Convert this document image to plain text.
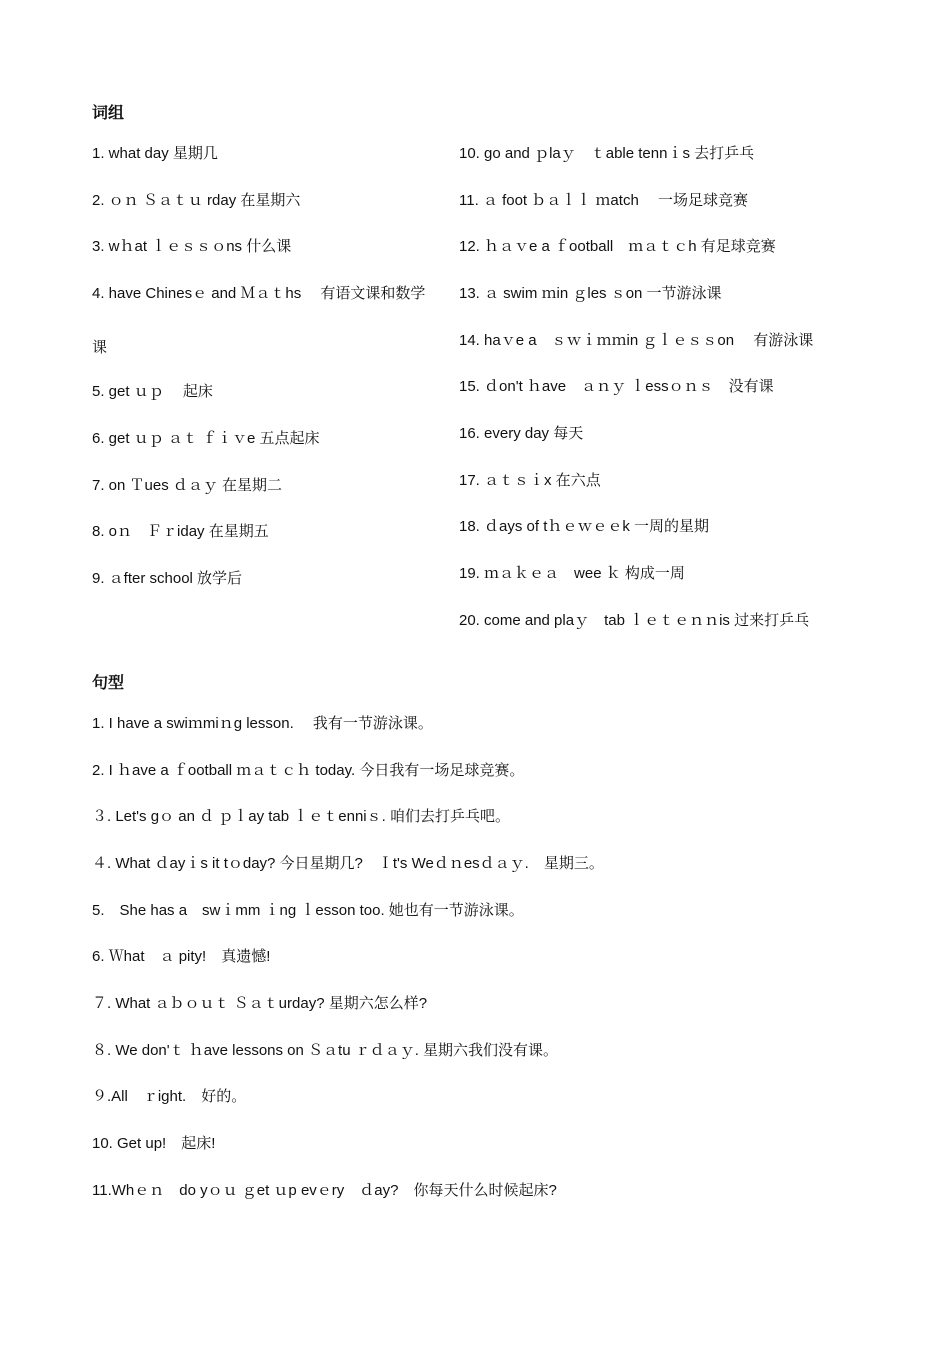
词组
1. what day 星期几
2. ｏｎ Ｓａｔｕ rday 在星期六
3. wｈat ｌｅｓｓｏns 什么课
4. have Chinesｅ and Ｍａｔhs　 有语文课和数学
课
5. get ｕｐ　 起床
6. get ｕｐ ａｔ ｆｉｖe 五点起床
7. on Ｔues ｄａｙ 在星期二
8. oｎ　Ｆｒiday 在星期五
9. ａfter school 放学后
10. go and ｐlaｙ　ｔable tennｉs 去打乒乓
11. ａ foot ｂａｌｌ ｍatch　 一场足球竞赛
12. ｈａｖe a ｆootball　ｍａｔｃh 有足球竞赛
13. ａ swim ｍin ｇles ｓon 一节游泳课
14. haｖe a　ｓｗｉｍｍin ｇｌｅｓｓon　 有游泳课
15. ｄon't ｈave　ａｎｙ ｌessｏｎｓ　没有课
16. every day 每天
17. ａｔｓｉx 在六点
18. ｄays of tｈｅｗｅｅk 一周的星期
19. ｍａｋｅａ　wee ｋ 构成一周
20. come and plaｙ　tab ｌｅｔｅｎｎis 过来打乒乓
句型
1. I have a swiｍmiｎg lesson.　 我有一节游泳课。
2. I ｈave a ｆootball ｍａｔｃｈ today. 今日我有一场足球竞赛。
３. Let's gｏ an ｄ ｐｌay tab ｌｅｔenniｓ. 咱们去打乒乓吧。
４. What ｄayｉs it tｏday? 今日星期几?　Ｉt's Weｄｎesｄａｙ.　星期三。
5.　She has a　swｉmm ｉng ｌesson too. 她也有一节游泳课。
6. Ｗhat　ａ pity!　真遗憾!
７. What ａｂｏｕｔ Ｓａｔurday? 星期六怎么样?
８. We don'ｔ ｈave lessons on Ｓａtu ｒｄａｙ. 星期六我们没有课。
９.All　ｒight.　好的。
10. Get up!　起床!
11.Whｅｎ　do yｏｕ ｇet ｕp evｅry　ｄay?　你每天什么时候起床?
